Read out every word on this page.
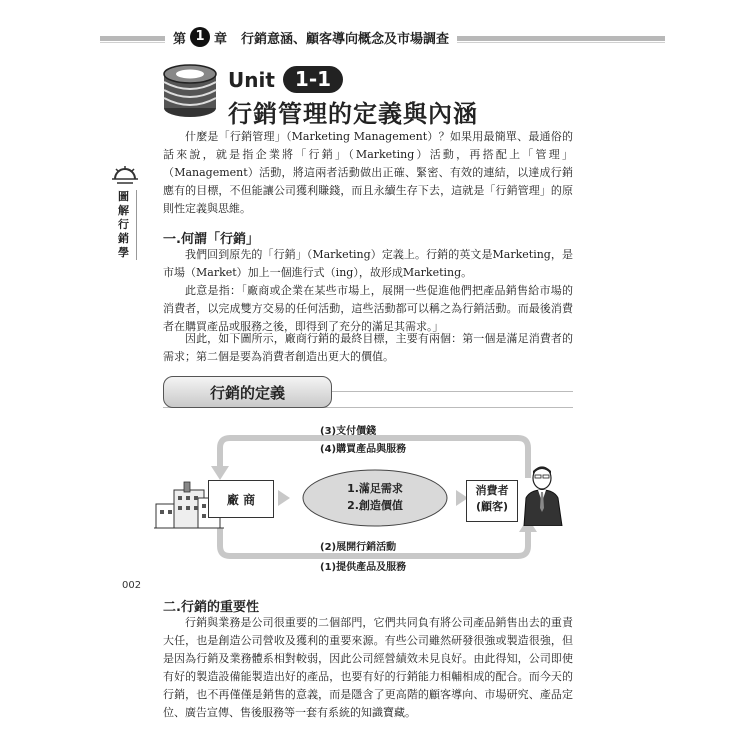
第 1 章 行銷意涵、顧客導向概念及市場調查
Unit	1-1
行銷管理的定義與內涵
圖解行銷學
002
什麼是「行銷管理」（Marketing Management）？如果用最簡單、最通俗的話來說，就是指企業將「行銷」（Marketing）活動，再搭配上「管理」（Management）活動，將這兩者活動做出正確、緊密、有效的連結，以達成行銷應有的目標，不但能讓公司獲利賺錢，而且永續生存下去，這就是「行銷管理」的原則性定義與思維。
一.何謂「行銷」
我們回到原先的「行銷」（Marketing）定義上。行銷的英文是Marketing，是市場（Market）加上一個進行式（ing），故形成Marketing。
此意是指：「廠商或企業在某些市場上，展開一些促進他們把產品銷售給市場的消費者，以完成雙方交易的任何活動，這些活動都可以稱之為行銷活動。而最後消費者在購買產品或服務之後，即得到了充分的滿足其需求。」
因此，如下圖所示，廠商行銷的最終目標，主要有兩個：第一個是滿足消費者的需求；第二個是要為消費者創造出更大的價值。
行銷的定義
廠 商
1.滿足需求
2.創造價值
消費者
(顧客)
(3)支付價錢
(4)購買產品與服務
(2)展開行銷活動
(1)提供產品及服務
二.行銷的重要性
行銷與業務是公司很重要的二個部門，它們共同負有將公司產品銷售出去的重責大任，也是創造公司營收及獲利的重要來源。有些公司雖然研發很強或製造很強，但是因為行銷及業務體系相對較弱，因此公司經營績效未見良好。由此得知，公司即使有好的製造設備能製造出好的產品，也要有好的行銷能力相輔相成的配合。而今天的行銷，也不再僅僅是銷售的意義，而是隱含了更高階的顧客導向、市場研究、產品定位、廣告宣傳、售後服務等一套有系統的知識寶藏。
